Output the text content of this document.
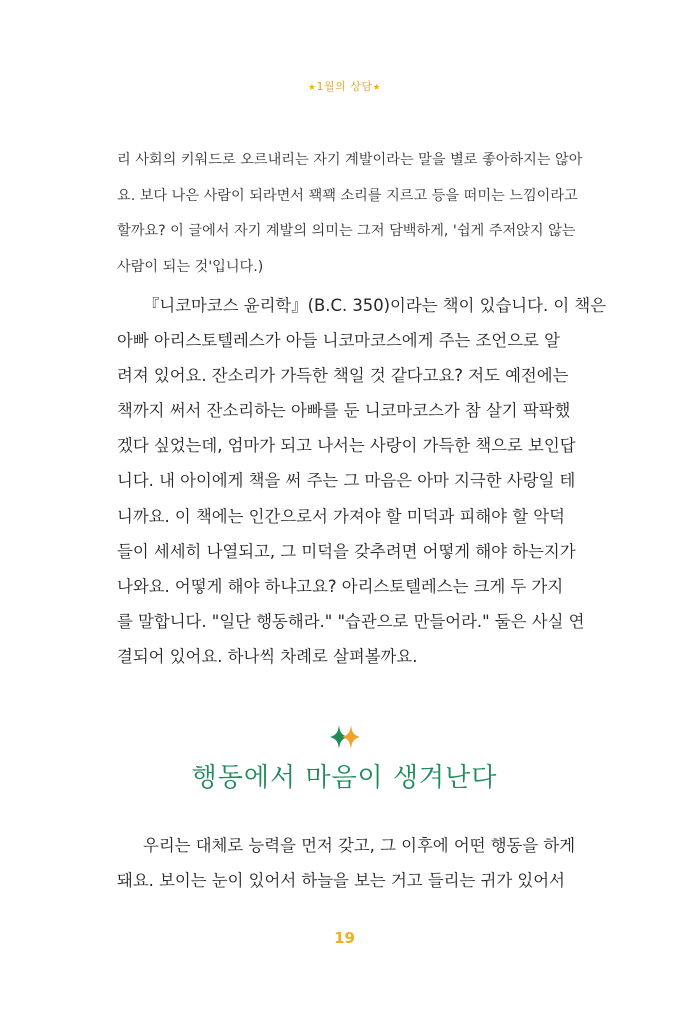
★1월의 상담★

리 사회의 키워드로 오르내리는 자기 계발이라는 말을 별로 좋아하지는 않아

요. 보다 나은 사람이 되라면서 꽥꽥 소리를 지르고 등을 떠미는 느낌이라고

할까요? 이 글에서 자기 계발의 의미는 그저 담백하게, '쉽게 주저앉지 않는

사람이 되는 것'입니다.)

『니코마코스 윤리학』(B.C. 350)이라는 책이 있습니다. 이 책은

아빠 아리스토텔레스가 아들 니코마코스에게 주는 조언으로 알

려져 있어요. 잔소리가 가득한 책일 것 같다고요? 저도 예전에는

책까지 써서 잔소리하는 아빠를 둔 니코마코스가 참 살기 팍팍했

겠다 싶었는데, 엄마가 되고 나서는 사랑이 가득한 책으로 보인답

니다. 내 아이에게 책을 써 주는 그 마음은 아마 지극한 사랑일 테

니까요. 이 책에는 인간으로서 가져야 할 미덕과 피해야 할 악덕

들이 세세히 나열되고, 그 미덕을 갖추려면 어떻게 해야 하는지가

나와요. 어떻게 해야 하냐고요? 아리스토텔레스는 크게 두 가지

를 말합니다. "일단 행동해라." "습관으로 만들어라." 둘은 사실 연

결되어 있어요. 하나씩 차례로 살펴볼까요.

행동에서 마음이 생겨난다

우리는 대체로 능력을 먼저 갖고, 그 이후에 어떤 행동을 하게

돼요. 보이는 눈이 있어서 하늘을 보는 거고 들리는 귀가 있어서

19
